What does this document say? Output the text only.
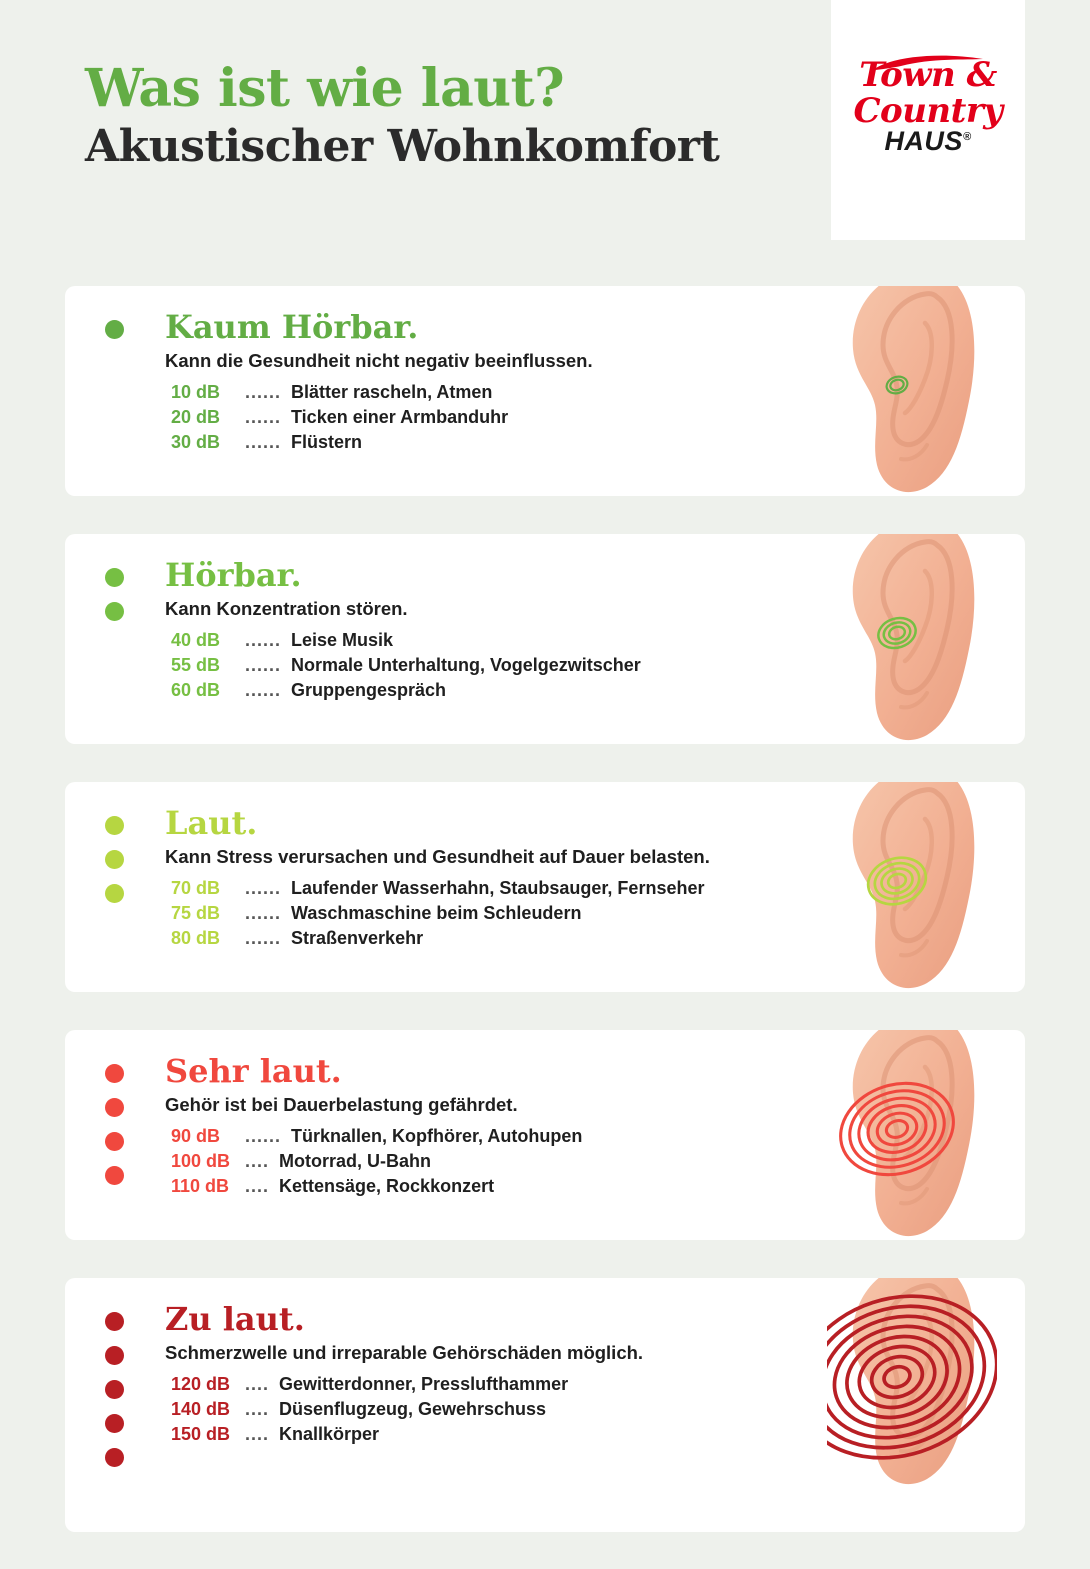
Was ist wie laut?
Akustischer Wohnkomfort
Town &
Country
HAUS®
Kaum Hörbar.
Kann die Gesundheit nicht negativ beeinflussen.
10 dB	...... Blätter rascheln, Atmen
20 dB	...... Ticken einer Armbanduhr
30 dB	...... Flüstern
Hörbar.
Kann Konzentration stören.
40 dB	...... Leise Musik
55 dB	...... Normale Unterhaltung, Vogelgezwitscher
60 dB	...... Gruppengespräch
Laut.
Kann Stress verursachen und Gesundheit auf Dauer belasten.
70 dB	...... Laufender Wasserhahn, Staubsauger, Fernseher
75 dB	...... Waschmaschine beim Schleudern
80 dB	...... Straßenverkehr
Sehr laut.
Gehör ist bei Dauerbelastung gefährdet.
90 dB	...... Türknallen, Kopfhörer, Autohupen
100 dB .... Motorrad, U-Bahn
110 dB .... Kettensäge, Rockkonzert
Zu laut.
Schmerzwelle und irreparable Gehörschäden möglich.
120 dB .... Gewitterdonner, Presslufthammer
140 dB .... Düsenflugzeug, Gewehrschuss
150 dB .... Knallkörper
